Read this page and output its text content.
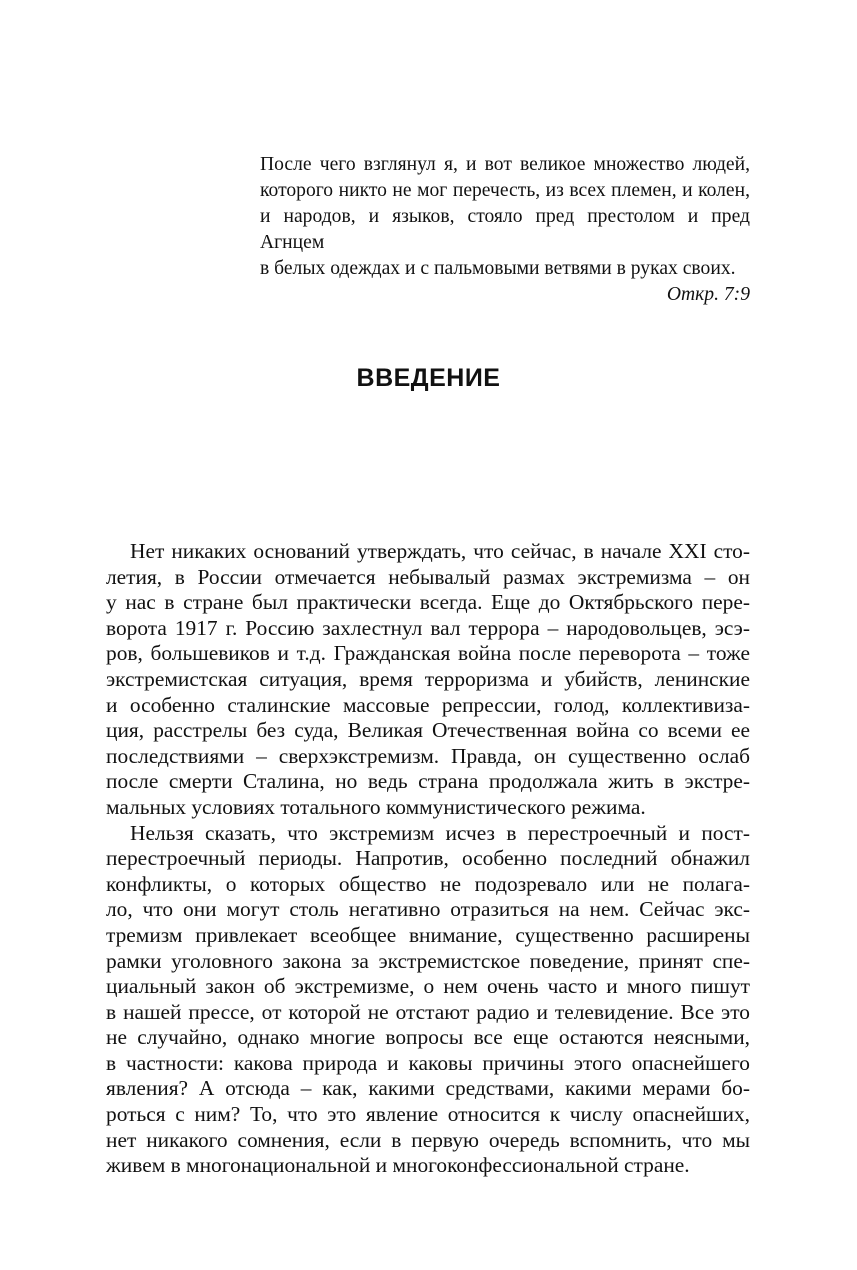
После чего взглянул я, и вот великое множество людей,
которого никто не мог перечесть, из всех племен, и колен,
и народов, и языков, стояло пред престолом и пред Агнцем
в белых одеждах и с пальмовыми ветвями в руках своих.
Откр. 7:9
ВВЕДЕНИЕ
Нет никаких оснований утверждать, что сейчас, в начале XXI сто-
летия, в России отмечается небывалый размах экстремизма – он
у нас в стране был практически всегда. Еще до Октябрьского пере-
ворота 1917 г. Россию захлестнул вал террора – народовольцев, эсэ-
ров, большевиков и т.д. Гражданская война после переворота – тоже
экстремистская ситуация, время терроризма и убийств, ленинские
и особенно сталинские массовые репрессии, голод, коллективиза-
ция, расстрелы без суда, Великая Отечественная война со всеми ее
последствиями – сверхэкстремизм. Правда, он существенно ослаб
после смерти Сталина, но ведь страна продолжала жить в экстре-
мальных условиях тотального коммунистического режима.
Нельзя сказать, что экстремизм исчез в перестроечный и пост-
перестроечный периоды. Напротив, особенно последний обнажил
конфликты, о которых общество не подозревало или не полага-
ло, что они могут столь негативно отразиться на нем. Сейчас экс-
тремизм привлекает всеобщее внимание, существенно расширены
рамки уголовного закона за экстремистское поведение, принят спе-
циальный закон об экстремизме, о нем очень часто и много пишут
в нашей прессе, от которой не отстают радио и телевидение. Все это
не случайно, однако многие вопросы все еще остаются неясными,
в частности: какова природа и каковы причины этого опаснейшего
явления? А отсюда – как, какими средствами, какими мерами бо-
роться с ним? То, что это явление относится к числу опаснейших,
нет никакого сомнения, если в первую очередь вспомнить, что мы
живем в многонациональной и многоконфессиональной стране.
